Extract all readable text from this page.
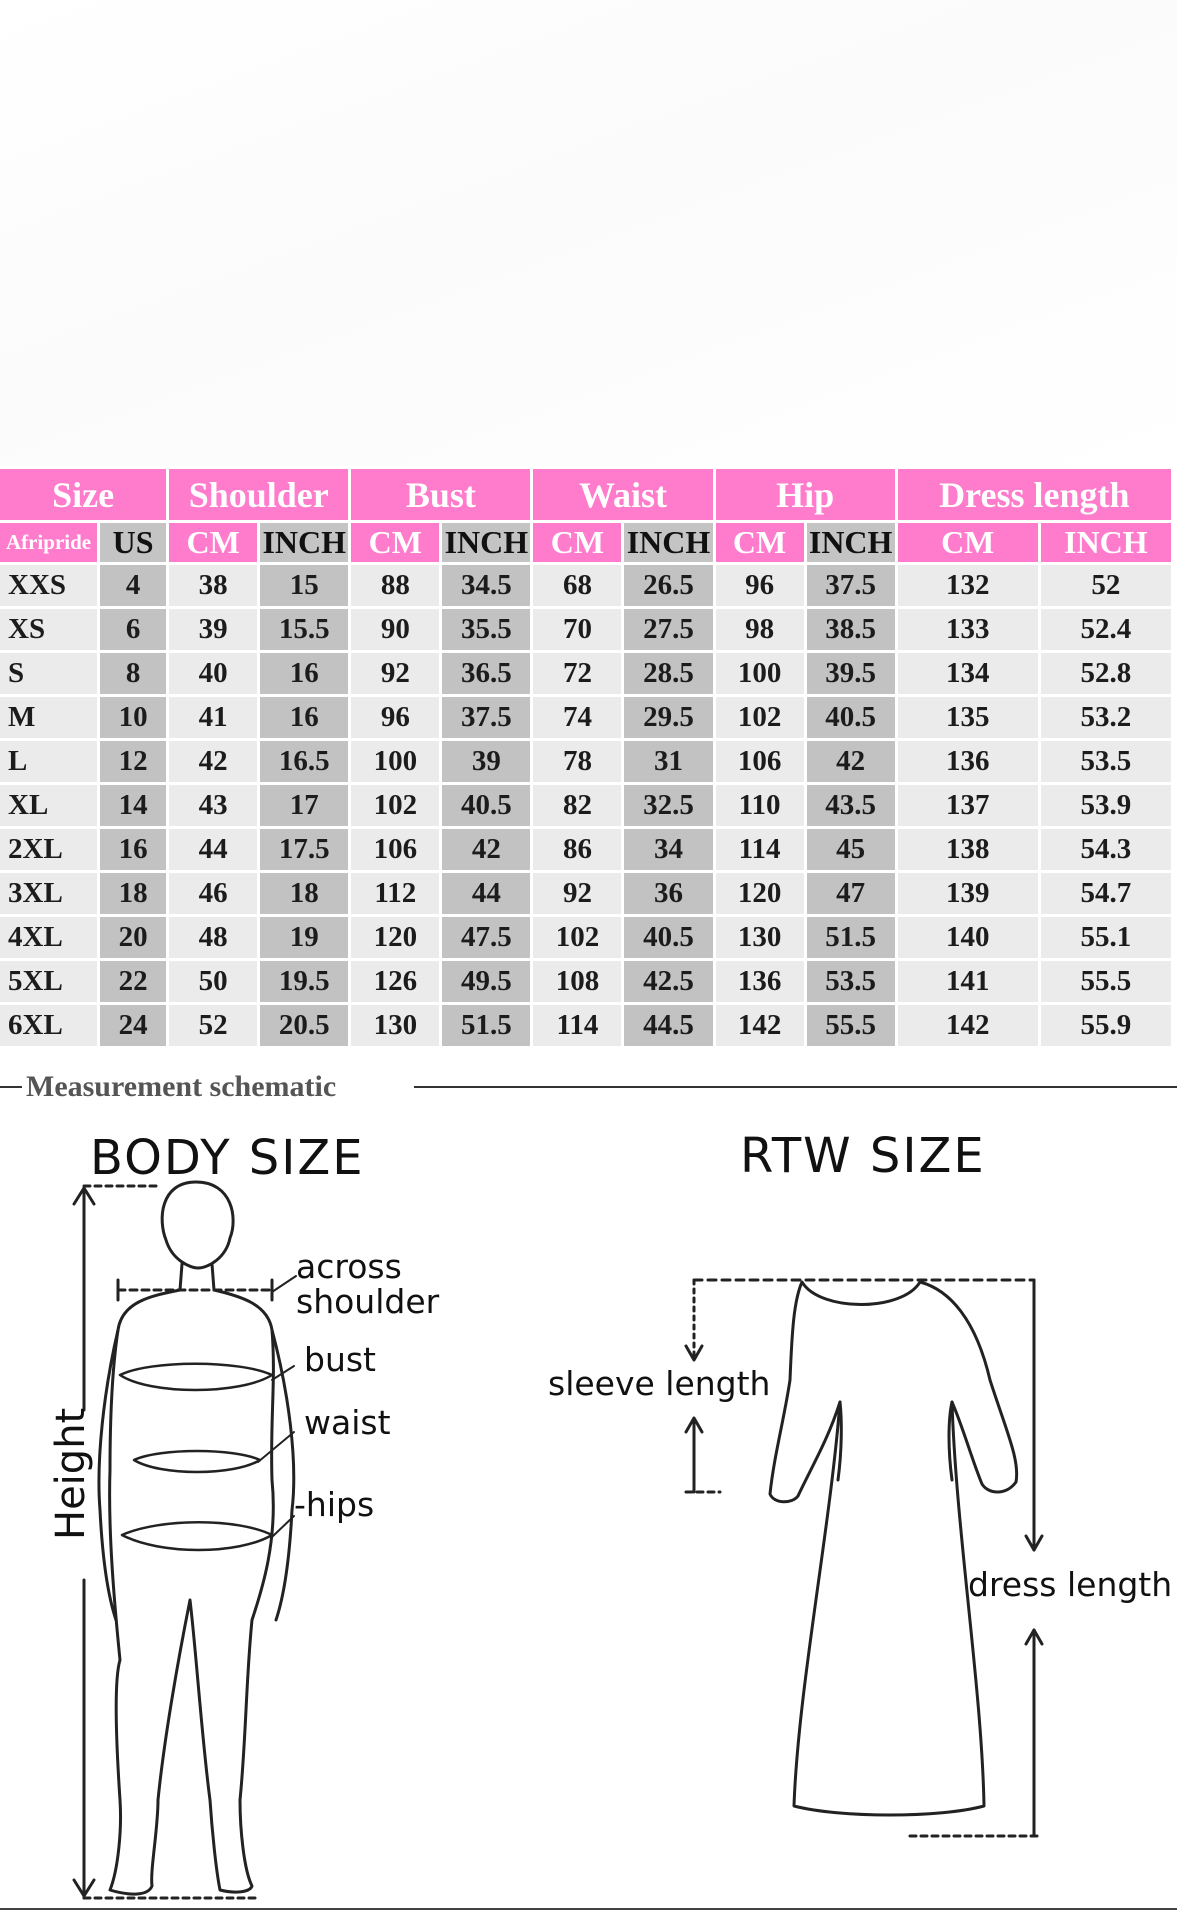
Size		Shoulder		Bust		Waist		Hip		Dress length	
Afripride	US	CM	INCH	CM	INCH	CM	INCH	CM	INCH	CM	INCH
XXS	4	38	15	88	34.5	68	26.5	96	37.5	132	52
XS	6	39	15.5	90	35.5	70	27.5	98	38.5	133	52.4
S	8	40	16	92	36.5	72	28.5	100	39.5	134	52.8
M	10	41	16	96	37.5	74	29.5	102	40.5	135	53.2
L	12	42	16.5	100	39	78	31	106	42	136	53.5
XL	14	43	17	102	40.5	82	32.5	110	43.5	137	53.9
2XL	16	44	17.5	106	42	86	34	114	45	138	54.3
3XL	18	46	18	112	44	92	36	120	47	139	54.7
4XL	20	48	19	120	47.5	102	40.5	130	51.5	140	55.1
5XL	22	50	19.5	126	49.5	108	42.5	136	53.5	141	55.5
6XL	24	52	20.5	130	51.5	114	44.5	142	55.5	142	55.9
Measurement schematic
BODY SIZE
across
shoulder
bust
waist
-hips
Height
RTW SIZE
sleeve length
dress length
